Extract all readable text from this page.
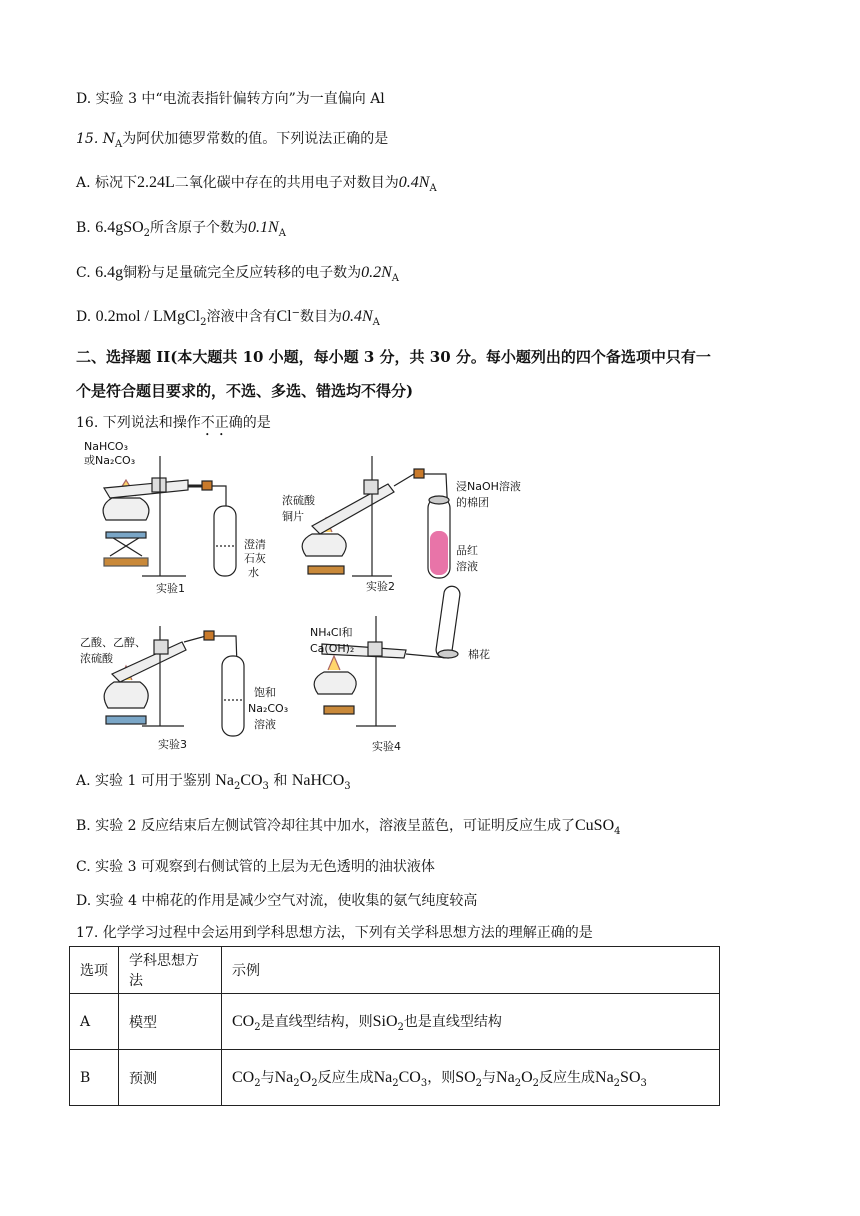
D. 实验 3 中“电流表指针偏转方向”为一直偏向 Al
15. $N_A$为阿伏加德罗常数的值。下列说法正确的是
A. 标况下2.24L二氧化碳中存在的共用电子对数目为$0.4N_A$
B. 6.4gSO$_2$所含原子个数为$0.1N_A$
C. 6.4g铜粉与足量硫完全反应转移的电子数为$0.2N_A$
D. 0.2mol / LMgCl$_2$溶液中含有Cl−数目为$0.4N_A$
二、选择题 II(本大题共 10 小题，每小题 3 分，共 30 分。每小题列出的四个备选项中只有一
个是符合题目要求的，不选、多选、错选均不得分)
16. 下列说法和操作不正确的是
NaHCO₃
或Na₂CO₃
澄清
石灰
水
实验1
浓硫酸
铜片
浸NaOH溶液
的棉团
品红
溶液
实验2
乙酸、乙醇、
浓硫酸
饱和
Na₂CO₃
溶液
实验3
NH₄Cl和
Ca(OH)₂	棉花
实验4
A. 实验 1 可用于鉴别 $Na_2CO_3$ 和 NaHCO$_3$
B. 实验 2 反应结束后左侧试管冷却往其中加水，溶液呈蓝色，可证明反应生成了CuSO$_4$
C. 实验 3 可观察到右侧试管的上层为无色透明的油状液体
D. 实验 4 中棉花的作用是减少空气对流，使收集的氨气纯度较高
17. 化学学习过程中会运用到学科思想方法，下列有关学科思想方法的理解正确的是
选项	学科思想方法	示例
A	模型	$CO_2$是直线型结构，则SiO$_2$也是直线型结构
B	预测	$CO_2$与$Na_2O_2$反应生成$Na_2CO_3$，则$SO_2$与$Na_2O_2$反应生成$Na_2SO_3$
